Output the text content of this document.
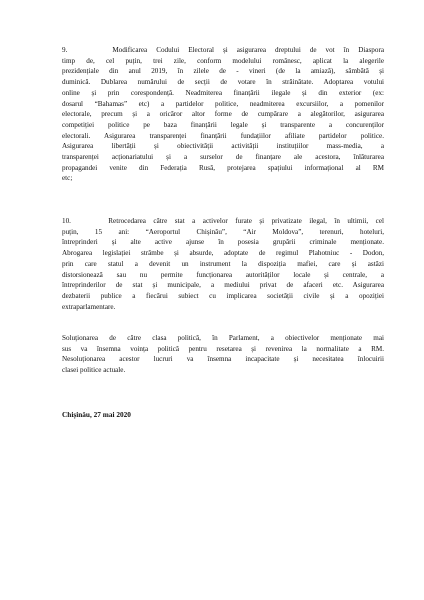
9.     Modificarea Codului Electoral și asigurarea dreptului de vot în Diaspora
timp de, cel puțin, trei zile, conform modelului românesc, aplicat la alegerile
prezidențiale din anul 2019, în zilele de - vineri (de la amiază), sâmbătă și
duminică. Dublarea numărului de secții de votare în străinătate. Adoptarea votului
online și prin corespondență. Neadmiterea finanțării ilegale și din exterior (ex:
dosarul “Bahamas” etc) a partidelor politice, neadmiterea excursiilor, a pomenilor
electorale, precum și a oricăror altor forme de cumpărare a alegătorilor, asigurarea
competiției politice pe baza finanțării legale și transparente a concurenților
electorali. Asigurarea transparenței finanțării fundațiilor afiliate partidelor politice.
Asigurarea libertății și obiectivității activității instituțiilor mass-media, a
transparenței acționariatului și a surselor de finanțare ale acestora, înlăturarea
propagandei venite din Federația Rusă, protejarea spațiului informațional al RM
etc;
10.     Retrocedarea către stat a activelor furate și privatizate ilegal, în ultimii, cel
puțin, 15 ani: “Aeroportul Chișinău”, “Air Moldova”, terenuri, hoteluri,
întreprinderi și alte active ajunse în posesia grupării criminale menționate.
Abrogarea legislației strâmbe și absurde, adoptate de regimul Plahotniuc - Dodon,
prin care statul a devenit un instrument la dispoziția mafiei, care și astăzi
distorsionează sau nu permite funcționarea autorităților locale și centrale, a
întreprinderilor de stat și municipale, a mediului privat de afaceri etc. Asigurarea
dezbaterii publice a fiecărui subiect cu implicarea societății civile și a opoziției
extraparlamentare.
Soluționarea de către clasa politică, în Parlament, a obiectivelor menționate mai
sus va însemna voința politică pentru resetarea și revenirea la normalitate a RM.
Nesoluționarea acestor lucruri va însemna incapacitate și necesitatea înlocuirii
clasei politice actuale.

Chișinău, 27 mai 2020
